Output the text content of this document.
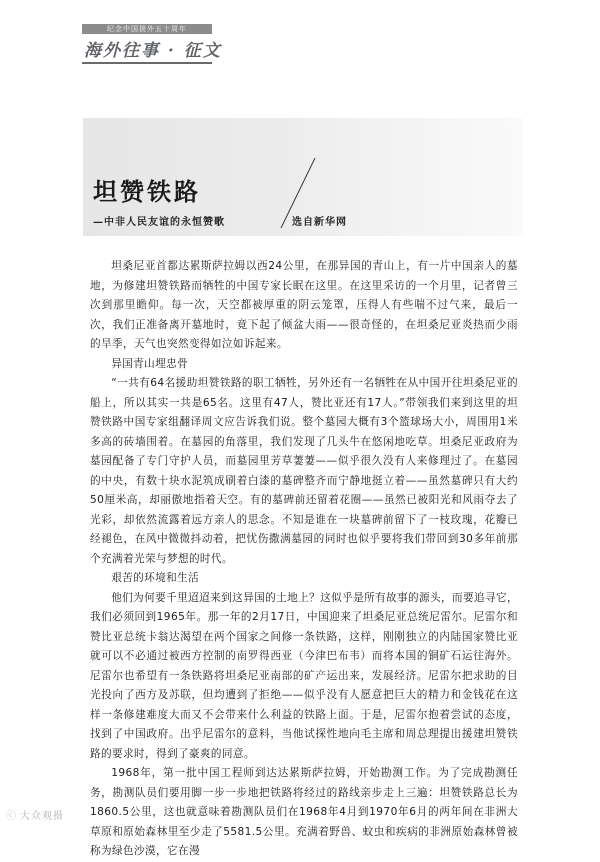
纪念中国援外五十周年
海外往事 · 征文
坦赞铁路
—中非人民友谊的永恒赞歌	选自新华网

坦桑尼亚首都达累斯萨拉姆以西24公里，在那异国的青山上，有一片中国亲人的墓地，为修建坦赞铁路而牺牲的中国专家长眠在这里。在这里采访的一个月里，记者曾三次到那里瞻仰。每一次，天空都被厚重的阴云笼罩，压得人有些喘不过气来，最后一次，我们正准备离开墓地时，竟下起了倾盆大雨——很奇怪的，在坦桑尼亚炎热而少雨的旱季，天气也突然变得如泣如诉起来。

异国青山埋忠骨

“一共有64名援助坦赞铁路的职工牺牲，另外还有一名牺牲在从中国开往坦桑尼亚的船上，所以其实一共是65名。这里有47人，赞比亚还有17人。”带领我们来到这里的坦赞铁路中国专家组翻译周文应告诉我们说。整个墓园大概有3个篮球场大小，周围用1米多高的砖墙围着。在墓园的角落里，我们发现了几头牛在悠闲地吃草。坦桑尼亚政府为墓园配备了专门守护人员，而墓园里芳草萋萋——似乎很久没有人来修理过了。在墓园的中央，有数十块水泥筑成刷着白漆的墓碑整齐而宁静地挺立着——虽然墓碑只有大约50厘米高，却丽傲地指着天空。有的墓碑前还留着花圈——虽然已被阳光和风雨夺去了光彩，却依然流露着远方亲人的思念。不知是谁在一块墓碑前留下了一枝玫瑰，花瓣已经褪色，在风中微微抖动着，把忧伤撒满墓园的同时也似乎要将我们带回到30多年前那个充满着光荣与梦想的时代。

艰苦的环境和生活

他们为何要千里迢迢来到这异国的土地上？这似乎是所有故事的源头，而要追寻它，我们必须回到1965年。那一年的2月17日，中国迎来了坦桑尼亚总统尼雷尔。尼雷尔和赞比亚总统卡翁达渴望在两个国家之间修一条铁路，这样，刚刚独立的内陆国家赞比亚就可以不必通过被西方控制的南罗得西亚（今津巴布韦）而将本国的铜矿石运往海外。尼雷尔也希望有一条铁路将坦桑尼亚南部的矿产运出来，发展经济。尼雷尔把求助的目光投向了西方及苏联，但均遭到了拒绝——似乎没有人愿意把巨大的精力和金钱花在这样一条修建难度大而又不会带来什么利益的铁路上面。于是，尼雷尔抱着尝试的态度，找到了中国政府。出乎尼雷尔的意料，当他试探性地向毛主席和周总理提出援建坦赞铁路的要求时，得到了豪爽的同意。

1968年，第一批中国工程师到达达累斯萨拉姆，开始勘测工作。为了完成勘测任务，勘测队员们要用脚一步一步地把铁路将经过的路线亲步走上三遍：坦赞铁路总长为1860.5公里，这也就意味着勘测队员们在1968年4月到1970年6月的两年间在非洲大草原和原始森林里至少走了5581.5公里。充满着野兽、蚊虫和疾病的非洲原始森林曾被称为绿色沙漠，它在漫

ⓒ 大众观摄
